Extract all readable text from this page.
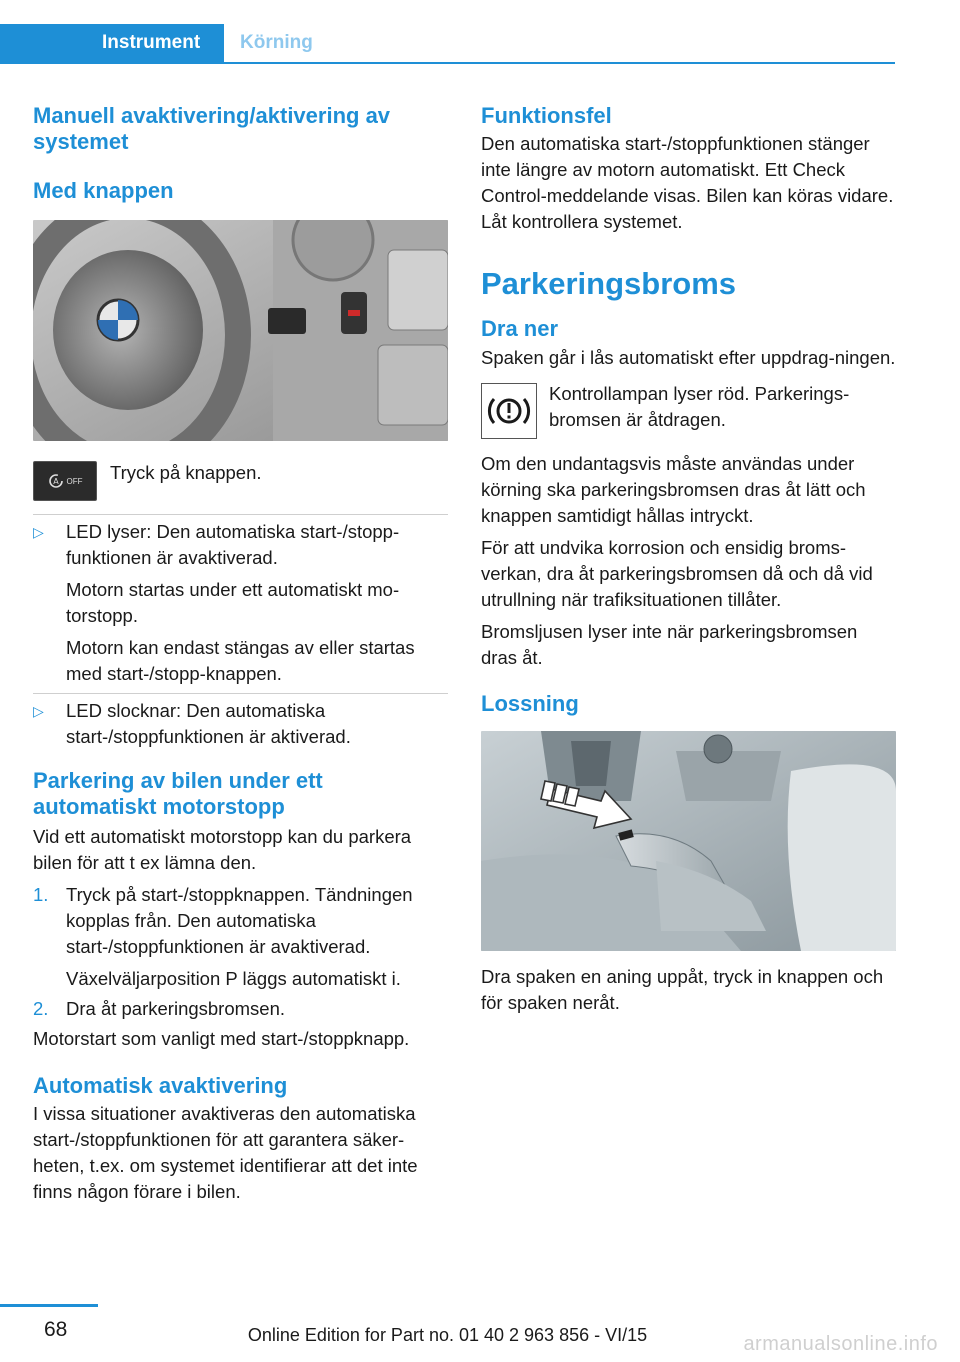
Instrument Körning
Manuell avaktivering/aktivering av systemet
Med knappen
A OFF Tryck på knappen.

▷	LED lyser: Den automatiska start-/stopp-funktionen är avaktiverad.

Motorn startas under ett automatiskt mo-torstopp.

Motorn kan endast stängas av eller startas med start-/stopp-knappen.

▷	LED slocknar: Den automatiska start-/stoppfunktionen är aktiverad.

Parkering av bilen under ett automatiskt motorstopp

Vid ett automatiskt motorstopp kan du parkera bilen för att t ex lämna den.

1. Tryck på start-/stoppknappen. Tändningen kopplas från. Den automatiska start-/stoppfunktionen är avaktiverad.

Växelväljarposition P läggs automatiskt i.

2. Dra åt parkeringsbromsen.

Motorstart som vanligt med start-/stoppknapp.

Automatisk avaktivering

I vissa situationer avaktiveras den automatiska start-/stoppfunktionen för att garantera säker-heten, t.ex. om systemet identifierar att det inte finns någon förare i bilen.

Funktionsfel

Den automatiska start-/stoppfunktionen stänger inte längre av motorn automatiskt. Ett Check Control-meddelande visas. Bilen kan köras vidare. Låt kontrollera systemet.

Parkeringsbroms
Dra ner

Spaken går i lås automatiskt efter uppdrag-ningen.

Kontrollampan lyser röd. Parkerings-bromsen är åtdragen.

Om den undantagsvis måste användas under körning ska parkeringsbromsen dras åt lätt och knappen samtidigt hållas intryckt.

För att undvika korrosion och ensidig broms-verkan, dra åt parkeringsbromsen då och då vid utrullning när trafiksituationen tillåter.

Bromsljusen lyser inte när parkeringsbromsen dras åt.

Lossning

Dra spaken en aning uppåt, tryck in knappen och för spaken neråt.

68	Online Edition for Part no. 01 40 2 963 856 - VI/15	armanualsonline.info
